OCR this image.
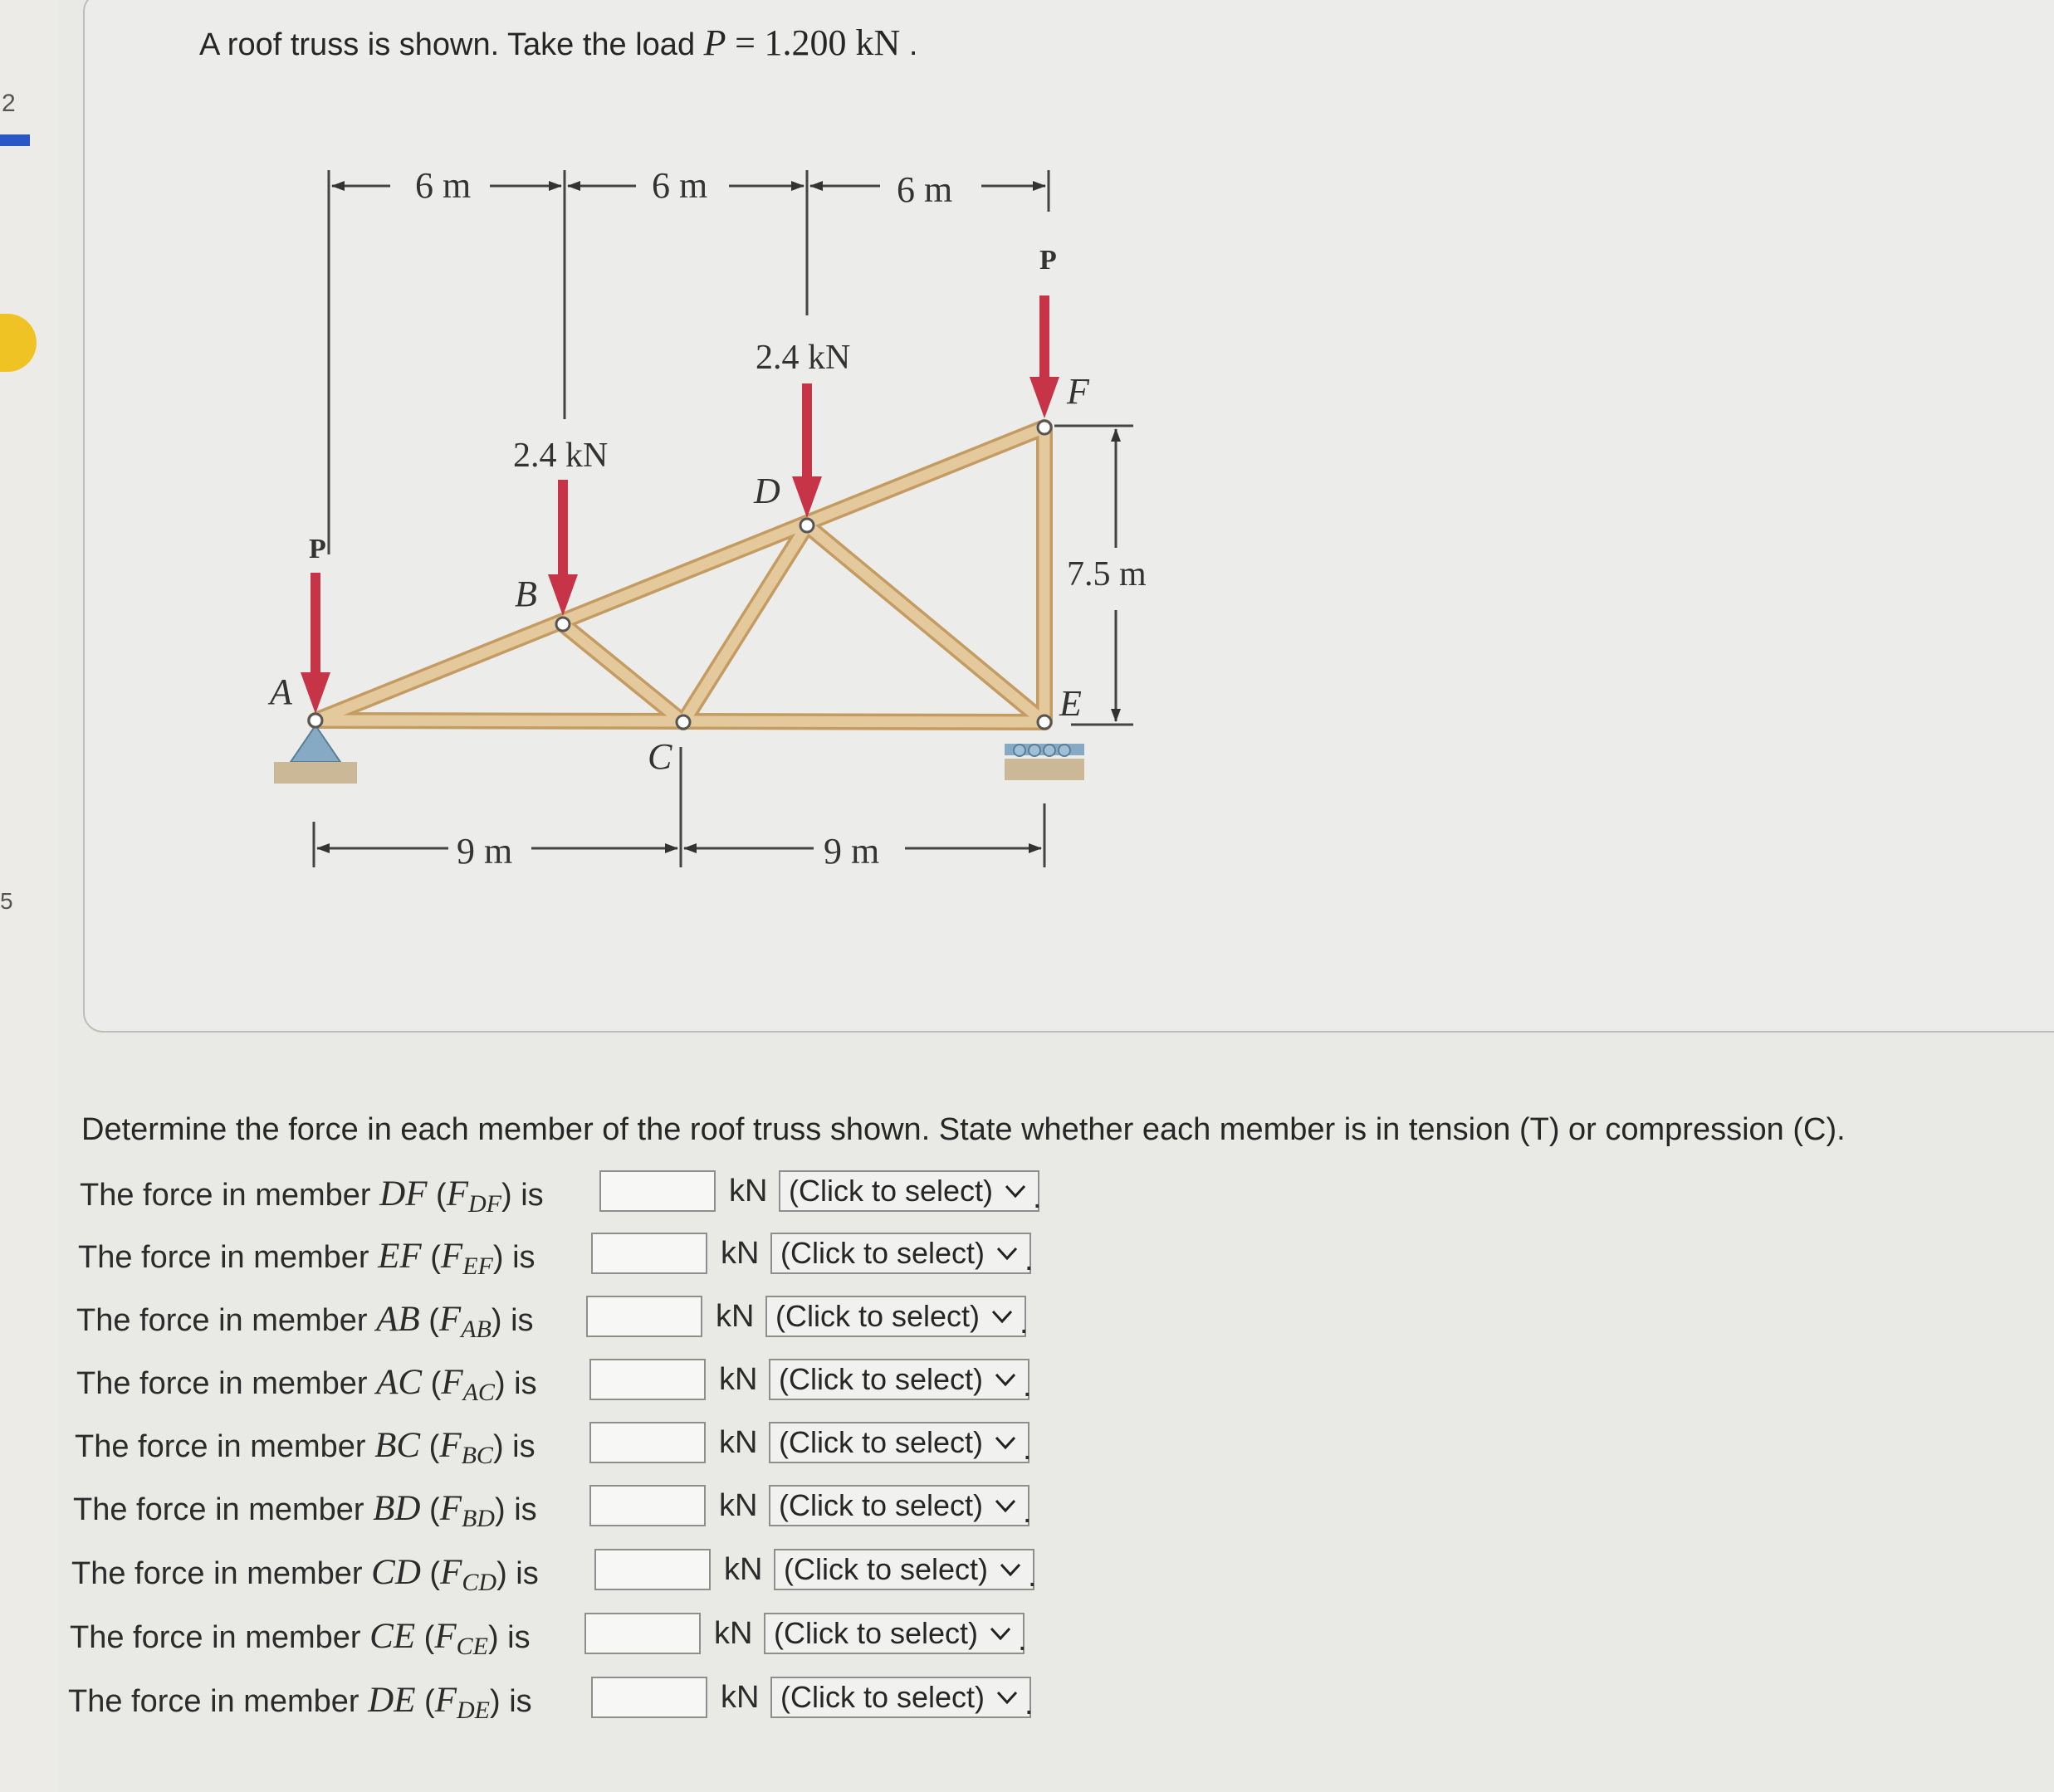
2
5
A roof truss is shown. Take the load P = 1.200 kN .
6 m	6 m	6 m
9 m	9 m
7.5 m
2.4 kN
2.4 kN
P
P
A
B
C
D
E
F
Determine the force in each member of the roof truss shown. State whether each member is in tension (T) or compression (C).
The force in member DF $(F_{DF})$ is	kN (Click to select) .
The force in member EF $(F_{EF})$ is	kN (Click to select) .
The force in member AB $(F_{AB})$ is	kN (Click to select) .
The force in member AC $(F_{AC})$ is	kN (Click to select) .
The force in member BC $(F_{BC})$ is	kN (Click to select) .
The force in member BD $(F_{BD})$ is	kN (Click to select) .
The force in member CD $(F_{CD})$ is	kN (Click to select) .
The force in member CE $(F_{CE})$ is	kN (Click to select) .
The force in member DE $(F_{DE})$ is	kN (Click to select) .
